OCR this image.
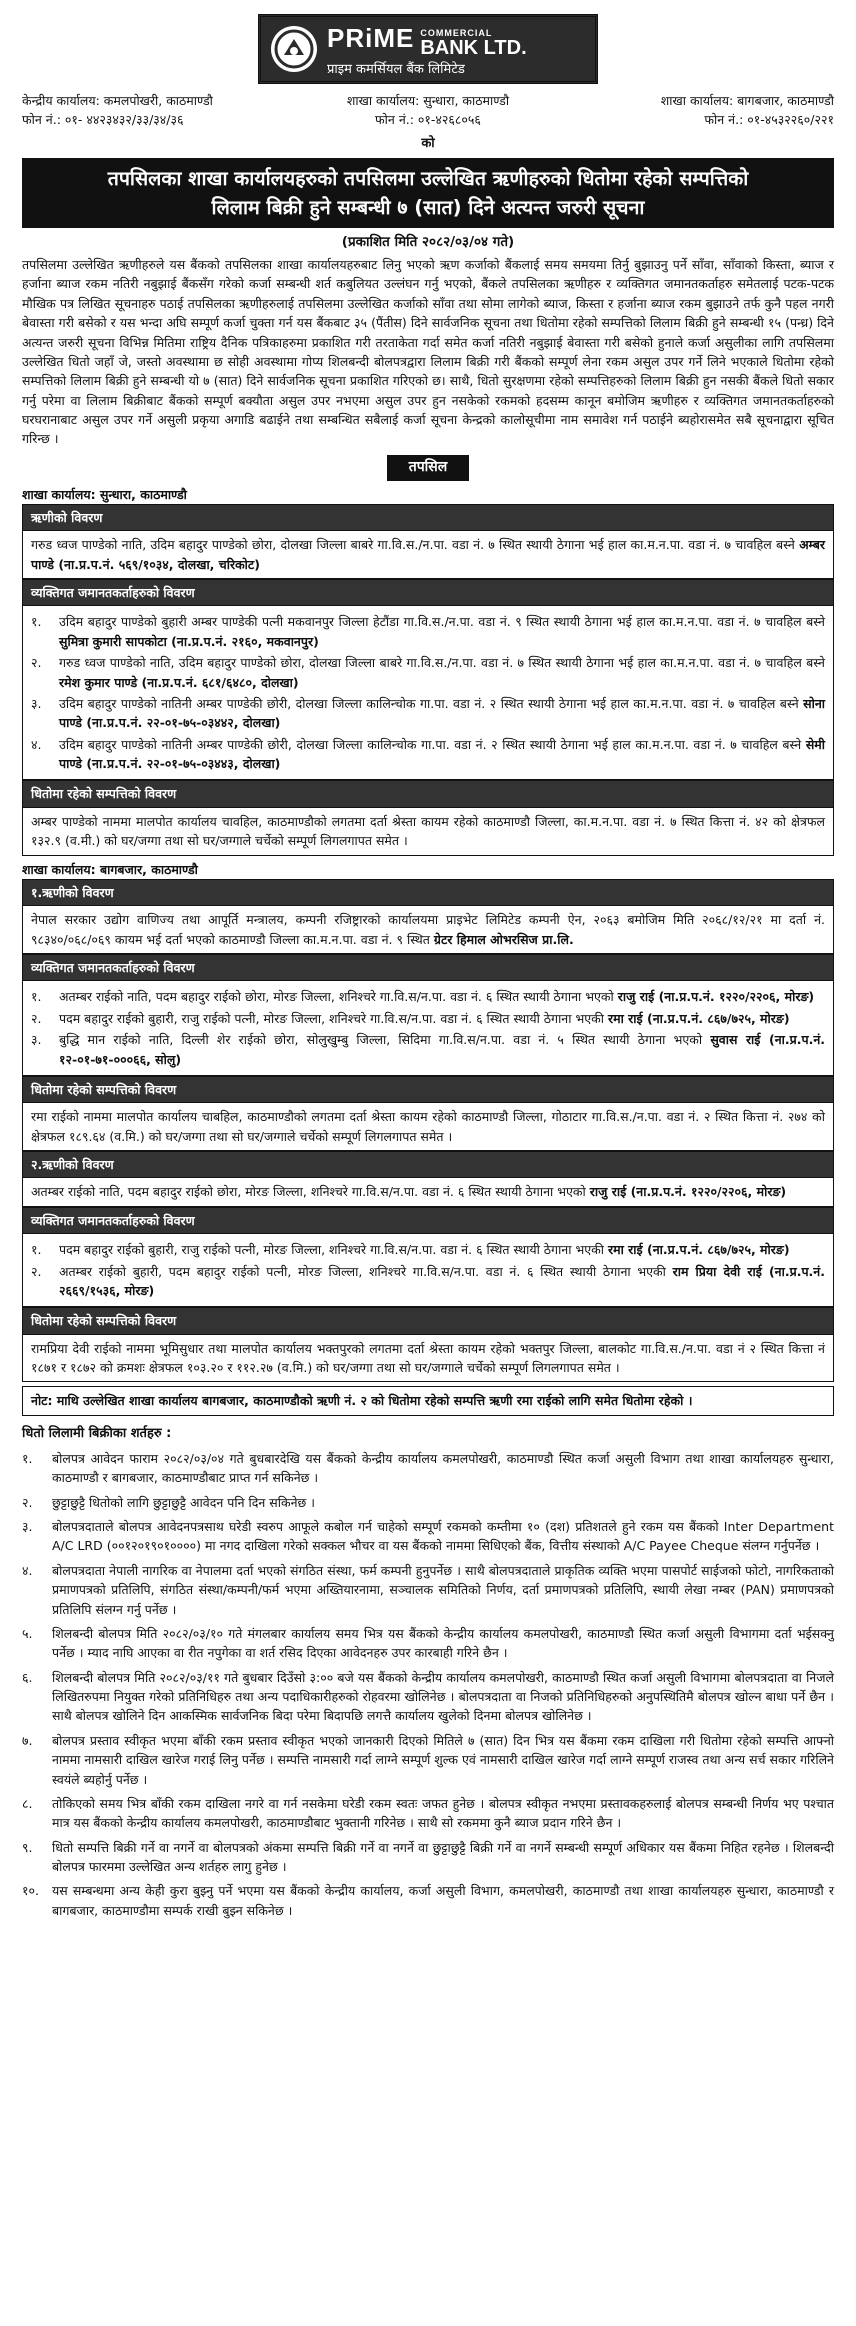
PRiME COMMERCIAL
BANK LTD.
प्राइम कमर्सियल बैंक लिमिटेड
केन्द्रीय कार्यालय: कमलपोखरी, काठमाण्डौ
फोन नं.: ०१- ४४२३४३२/३३/३४/३६
शाखा कार्यालय: सुन्धारा, काठमाण्डौ
फोन नं.: ०१-४२६८०५६
शाखा कार्यालय: बागबजार, काठमाण्डौ
फोन नं.: ०१-४५३२२६०/२२१
को
तपसिलका शाखा कार्यालयहरुको तपसिलमा उल्लेखित ऋणीहरुको धितोमा रहेको सम्पत्तिको
लिलाम बिक्री हुने सम्बन्धी ७ (सात) दिने अत्यन्त जरुरी सूचना
(प्रकाशित मिति २०८२/०३/०४ गते)

तपसिलमा उल्लेखित ऋणीहरुले यस बैंकको तपसिलका शाखा कार्यालयहरुबाट लिनु भएको ऋण कर्जाको बैंकलाई समय समयमा तिर्नु बुझाउनु पर्ने साँवा, साँवाको किस्ता, ब्याज र हर्जाना ब्याज रकम नतिरी नबुझाई बैंकसँग गरेको कर्जा सम्बन्धी शर्त कबुलियत उल्लंघन गर्नु भएको, बैंकले तपसिलका ऋणीहरु र व्यक्तिगत जमानतकर्ताहरु समेतलाई पटक-पटक मौखिक पत्र लिखित सूचनाहरु पठाई तपसिलका ऋणीहरुलाई तपसिलमा उल्लेखित कर्जाको साँवा तथा सोमा लागेको ब्याज, किस्ता र हर्जाना ब्याज रकम बुझाउने तर्फ कुनै पहल नगरी बेवास्ता गरी बसेको र यस भन्दा अघि सम्पूर्ण कर्जा चुक्ता गर्न यस बैंकबाट ३५ (पैंतीस) दिने सार्वजनिक सूचना तथा धितोमा रहेको सम्पत्तिको लिलाम बिक्री हुने सम्बन्धी १५ (पन्ध्र) दिने अत्यन्त जरुरी सूचना विभिन्न मितिमा राष्ट्रिय दैनिक पत्रिकाहरुमा प्रकाशित गरी तरताकेता गर्दा समेत कर्जा नतिरी नबुझाई बेवास्ता गरी बसेको हुनाले कर्जा असुलीका लागि तपसिलमा उल्लेखित धितो जहाँ जे, जस्तो अवस्थामा छ सोही अवस्थामा गोप्य शिलबन्दी बोलपत्रद्वारा लिलाम बिक्री गरी बैंकको सम्पूर्ण लेना रकम असुल उपर गर्ने लिने भएकाले धितोमा रहेको सम्पत्तिको लिलाम बिक्री हुने सम्बन्धी यो ७ (सात) दिने सार्वजनिक सूचना प्रकाशित गरिएको छ। साथै, धितो सुरक्षणमा रहेको सम्पत्तिहरुको लिलाम बिक्री हुन नसकी बैंकले धितो सकार गर्नु परेमा वा लिलाम बिक्रीबाट बैंकको सम्पूर्ण बक्यौता असुल उपर नभएमा असुल उपर हुन नसकेको रकमको हदसम्म कानून बमोजिम ऋणीहरु र व्यक्तिगत जमानतकर्ताहरुको घरघरानाबाट असुल उपर गर्ने असुली प्रकृया अगाडि बढाईने तथा सम्बन्धित सबैलाई कर्जा सूचना केन्द्रको कालोसूचीमा नाम समावेश गर्न पठाईने ब्यहोरासमेत सबै सूचनाद्वारा सूचित गरिन्छ ।

तपसिल
शाखा कार्यालय: सुन्धारा, काठमाण्डौ
ऋणीको विवरण
गरुड ध्वज पाण्डेको नाति, उदिम बहादुर पाण्डेको छोरा, दोलखा जिल्ला बाबरे गा.वि.स./न.पा. वडा नं. ७ स्थित स्थायी ठेगाना भई हाल का.म.न.पा. वडा नं. ७ चावहिल बस्ने अम्बर पाण्डे (ना.प्र.प.नं. ५६९/१०३४, दोलखा, चरिकोट)
व्यक्तिगत जमानतकर्ताहरुको विवरण
१.	उदिम बहादुर पाण्डेको बुहारी अम्बर पाण्डेकी पत्नी मकवानपुर जिल्ला हेटौंडा गा.वि.स./न.पा. वडा नं. ९ स्थित स्थायी ठेगाना भई हाल का.म.न.पा. वडा नं. ७ चावहिल बस्ने सुमित्रा कुमारी सापकोटा (ना.प्र.प.नं. २१६०, मकवानपुर)
२.	गरुड ध्वज पाण्डेको नाति, उदिम बहादुर पाण्डेको छोरा, दोलखा जिल्ला बाबरे गा.वि.स./न.पा. वडा नं. ७ स्थित स्थायी ठेगाना भई हाल का.म.न.पा. वडा नं. ७ चावहिल बस्ने रमेश कुमार पाण्डे (ना.प्र.प.नं. ६८१/६४८०, दोलखा)
३.	उदिम बहादुर पाण्डेको नातिनी अम्बर पाण्डेकी छोरी, दोलखा जिल्ला कालिन्चोक गा.पा. वडा नं. २ स्थित स्थायी ठेगाना भई हाल का.म.न.पा. वडा नं. ७ चावहिल बस्ने सोना पाण्डे (ना.प्र.प.नं. २२-०१-७५-०३४४२, दोलखा)
४.	उदिम बहादुर पाण्डेको नातिनी अम्बर पाण्डेकी छोरी, दोलखा जिल्ला कालिन्चोक गा.पा. वडा नं. २ स्थित स्थायी ठेगाना भई हाल का.म.न.पा. वडा नं. ७ चावहिल बस्ने सेमी पाण्डे (ना.प्र.प.नं. २२-०१-७५-०३४४३, दोलखा)
धितोमा रहेको सम्पत्तिको विवरण
अम्बर पाण्डेको नाममा मालपोत कार्यालय चावहिल, काठमाण्डौको लगतमा दर्ता श्रेस्ता कायम रहेको काठमाण्डौ जिल्ला, का.म.न.पा. वडा नं. ७ स्थित कित्ता नं. ४२ को क्षेत्रफल १३२.९ (व.मी.) को घर/जग्गा तथा सो घर/जग्गाले चर्चेको सम्पूर्ण लिगलगापत समेत ।
शाखा कार्यालय: बागबजार, काठमाण्डौ
१.ऋणीको विवरण
नेपाल सरकार उद्योग वाणिज्य तथा आपूर्ति मन्त्रालय, कम्पनी रजिष्ट्रारको कार्यालयमा प्राइभेट लिमिटेड कम्पनी ऐन, २०६३ बमोजिम मिति २०६८/१२/२१ मा दर्ता नं. ९८३४०/०६८/०६९ कायम भई दर्ता भएको काठमाण्डौ जिल्ला का.म.न.पा. वडा नं. ९ स्थित ग्रेटर हिमाल ओभरसिज प्रा.लि.
व्यक्तिगत जमानतकर्ताहरुको विवरण
१.	अतम्बर राईको नाति, पदम बहादुर राईको छोरा, मोरङ जिल्ला, शनिश्चरे गा.वि.स/न.पा. वडा नं. ६ स्थित स्थायी ठेगाना भएको राजु राई (ना.प्र.प.नं. १२२०/२२०६, मोरङ)
२.	पदम बहादुर राईको बुहारी, राजु राईको पत्नी, मोरङ जिल्ला, शनिश्चरे गा.वि.स/न.पा. वडा नं. ६ स्थित स्थायी ठेगाना भएकी रमा राई (ना.प्र.प.नं. ८६७/७२५, मोरङ)
३.	बुद्धि मान राईको नाति, दिल्ली शेर राईको छोरा, सोलुखुम्बु जिल्ला, सिदिमा गा.वि.स/न.पा. वडा नं. ५ स्थित स्थायी ठेगाना भएको सुवास राई (ना.प्र.प.नं. १२-०१-७१-०००६६, सोलु)
धितोमा रहेको सम्पत्तिको विवरण
रमा राईको नाममा मालपोत कार्यालय चाबहिल, काठमाण्डौको लगतमा दर्ता श्रेस्ता कायम रहेको काठमाण्डौ जिल्ला, गोठाटार गा.वि.स./न.पा. वडा नं. २ स्थित कित्ता नं. २७४ को क्षेत्रफल १८९.६४ (व.मि.) को घर/जग्गा तथा सो घर/जग्गाले चर्चेको सम्पूर्ण लिगलगापत समेत ।
२.ऋणीको विवरण
अतम्बर राईको नाति, पदम बहादुर राईको छोरा, मोरङ जिल्ला, शनिश्चरे गा.वि.स/न.पा. वडा नं. ६ स्थित स्थायी ठेगाना भएको राजु राई (ना.प्र.प.नं. १२२०/२२०६, मोरङ)
व्यक्तिगत जमानतकर्ताहरुको विवरण
१.	पदम बहादुर राईको बुहारी, राजु राईको पत्नी, मोरङ जिल्ला, शनिश्चरे गा.वि.स/न.पा. वडा नं. ६ स्थित स्थायी ठेगाना भएकी रमा राई (ना.प्र.प.नं. ८६७/७२५, मोरङ)
२.	अतम्बर राईको बुहारी, पदम बहादुर राईको पत्नी, मोरङ जिल्ला, शनिश्चरे गा.वि.स/न.पा. वडा नं. ६ स्थित स्थायी ठेगाना भएकी राम प्रिया देवी राई (ना.प्र.प.नं. २६६९/१५३६, मोरङ)
धितोमा रहेको सम्पत्तिको विवरण
रामप्रिया देवी राईको नाममा भूमिसुधार तथा मालपोत कार्यालय भक्तपुरको लगतमा दर्ता श्रेस्ता कायम रहेको भक्तपुर जिल्ला, बालकोट गा.वि.स./न.पा. वडा नं २ स्थित कित्ता नं १८७१ र १८७२ को क्रमशः क्षेत्रफल १०३.२० र ११२.२७ (व.मि.) को घर/जग्गा तथा सो घर/जग्गाले चर्चेको सम्पूर्ण लिगलगापत समेत ।
नोट: माथि उल्लेखित शाखा कार्यालय बागबजार, काठमाण्डौको ऋणी नं. २ को धितोमा रहेको सम्पत्ति ऋणी रमा राईको लागि समेत धितोमा रहेको ।
धितो लिलामी बिक्रीका शर्तहरु :
१.	बोलपत्र आवेदन फाराम २०८२/०३/०४ गते बुधबारदेखि यस बैंकको केन्द्रीय कार्यालय कमलपोखरी, काठमाण्डौ स्थित कर्जा असुली विभाग तथा शाखा कार्यालयहरु सुन्धारा, काठमाण्डौ र बागबजार, काठमाण्डौबाट प्राप्त गर्न सकिनेछ ।
२.	छुट्टाछुट्टै धितोको लागि छुट्टाछुट्टै आवेदन पनि दिन सकिनेछ ।
३.	बोलपत्रदाताले बोलपत्र आवेदनपत्रसाथ घरेडी स्वरुप आफूले कबोल गर्न चाहेको सम्पूर्ण रकमको कम्तीमा १० (दश) प्रतिशतले हुने रकम यस बैंकको Inter Department A/C LRD (००१२०१९०१००००) मा नगद दाखिला गरेको सक्कल भौचर वा यस बैंकको नाममा सिधिएको बैंक, वित्तीय संस्थाको A/C Payee Cheque संलग्न गर्नुपर्नेछ ।
४.	बोलपत्रदाता नेपाली नागरिक वा नेपालमा दर्ता भएको संगठित संस्था, फर्म कम्पनी हुनुपर्नेछ । साथै बोलपत्रदाताले प्राकृतिक व्यक्ति भएमा पासपोर्ट साईजको फोटो, नागरिकताको प्रमाणपत्रको प्रतिलिपि, संगठित संस्था/कम्पनी/फर्म भएमा अख्तियारनामा, सञ्चालक समितिको निर्णय, दर्ता प्रमाणपत्रको प्रतिलिपि, स्थायी लेखा नम्बर (PAN) प्रमाणपत्रको प्रतिलिपि संलग्न गर्नु पर्नेछ ।
५.	शिलबन्दी बोलपत्र मिति २०८२/०३/१० गते मंगलबार कार्यालय समय भित्र यस बैंकको केन्द्रीय कार्यालय कमलपोखरी, काठमाण्डौ स्थित कर्जा असुली विभागमा दर्ता भईसक्नु पर्नेछ । म्याद नाघि आएका वा रीत नपुगेका वा शर्त रसिद दिएका आवेदनहरु उपर कारबाही गरिने छैन ।
६.	शिलबन्दी बोलपत्र मिति २०८२/०३/११ गते बुधबार दिउँसो ३:०० बजे यस बैंकको केन्द्रीय कार्यालय कमलपोखरी, काठमाण्डौ स्थित कर्जा असुली विभागमा बोलपत्रदाता वा निजले लिखितरुपमा नियुक्त गरेको प्रतिनिधिहरु तथा अन्य पदाधिकारीहरुको रोहवरमा खोलिनेछ । बोलपत्रदाता वा निजको प्रतिनिधिहरुको अनुपस्थितिमै बोलपत्र खोल्न बाधा पर्ने छैन । साथै बोलपत्र खोलिने दिन आकस्मिक सार्वजनिक बिदा परेमा बिदापछि लगत्तै कार्यालय खुलेको दिनमा बोलपत्र खोलिनेछ ।
७.	बोलपत्र प्रस्ताव स्वीकृत भएमा बाँकी रकम प्रस्ताव स्वीकृत भएको जानकारी दिएको मितिले ७ (सात) दिन भित्र यस बैंकमा रकम दाखिला गरी धितोमा रहेको सम्पत्ति आफ्नो नाममा नामसारी दाखिल खारेज गराई लिनु पर्नेछ । सम्पत्ति नामसारी गर्दा लाग्ने सम्पूर्ण शुल्क एवं नामसारी दाखिल खारेज गर्दा लाग्ने सम्पूर्ण राजस्व तथा अन्य सर्च सकार गरिलिने स्वयंले ब्यहोर्नु पर्नेछ ।
८.	तोकिएको समय भित्र बाँकी रकम दाखिला नगरे वा गर्न नसकेमा घरेडी रकम स्वतः जफत हुनेछ । बोलपत्र स्वीकृत नभएमा प्रस्तावकहरुलाई बोलपत्र सम्बन्धी निर्णय भए पश्चात मात्र यस बैंकको केन्द्रीय कार्यालय कमलपोखरी, काठमाण्डौबाट भुक्तानी गरिनेछ । साथै सो रकममा कुनै ब्याज प्रदान गरिने छैन ।
९.	धितो सम्पत्ति बिक्री गर्ने वा नगर्ने वा बोलपत्रको अंकमा सम्पत्ति बिक्री गर्ने वा नगर्ने वा छुट्टाछुट्टै बिक्री गर्ने वा नगर्ने सम्बन्धी सम्पूर्ण अधिकार यस बैंकमा निहित रहनेछ । शिलबन्दी बोलपत्र फारममा उल्लेखित अन्य शर्तहरु लागु हुनेछ ।
१०.	यस सम्बन्धमा अन्य केही कुरा बुझ्नु पर्ने भएमा यस बैंकको केन्द्रीय कार्यालय, कर्जा असुली विभाग, कमलपोखरी, काठमाण्डौ तथा शाखा कार्यालयहरु सुन्धारा, काठमाण्डौ र बागबजार, काठमाण्डौमा सम्पर्क राखी बुझ्न सकिनेछ ।
